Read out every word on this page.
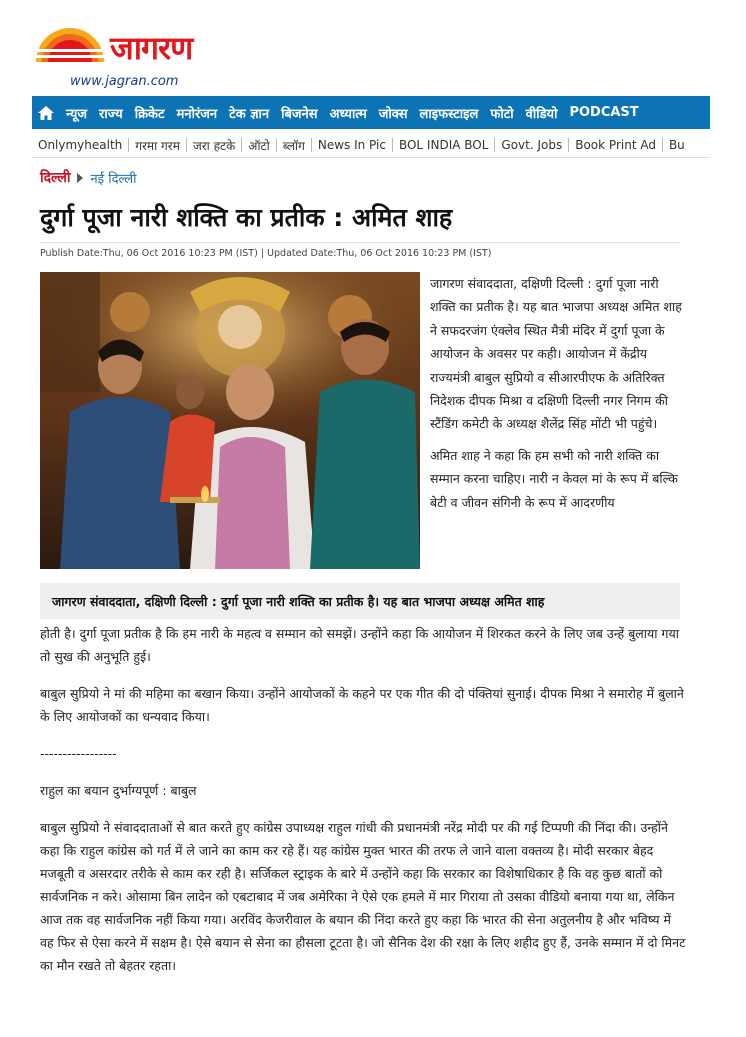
जागरण
www.jagran.com
न्यूज राज्य क्रिकेट मनोरंजन टेक ज्ञान बिजनेस अध्यात्म जोक्स लाइफस्टाइल फोटो वीडियो PODCAST
Onlymyhealth	गरमा गरम	जरा हटके	ऑटो	ब्लॉग	News In Pic	BOL INDIA BOL	Govt. Jobs	Book Print Ad	Bu
दिल्ली नई दिल्ली
दुर्गा पूजा नारी शक्ति का प्रतीक : अमित शाह
Publish Date:Thu, 06 Oct 2016 10:23 PM (IST) | Updated Date:Thu, 06 Oct 2016 10:23 PM (IST)

जागरण संवाददाता, दक्षिणी दिल्ली : दुर्गा पूजा नारी शक्ति का प्रतीक है। यह बात भाजपा अध्यक्ष अमित शाह ने सफदरजंग एंक्लेव स्थित मैत्री मंदिर में दुर्गा पूजा के आयोजन के अवसर पर कही। आयोजन में केंद्रीय राज्यमंत्री बाबुल सुप्रियो व सीआरपीएफ के अतिरिक्त निदेशक दीपक मिश्रा व दक्षिणी दिल्ली नगर निगम की स्टैंडिंग कमेटी के अध्यक्ष शैलेंद्र सिंह मोंटी भी पहुंचे।

अमित शाह ने कहा कि हम सभी को नारी शक्ति का सम्मान करना चाहिए। नारी न केवल मां के रूप में बल्कि बेटी व जीवन संगिनी के रूप में आदरणीय

जागरण संवाददाता, दक्षिणी दिल्ली : दुर्गा पूजा नारी शक्ति का प्रतीक है। यह बात भाजपा अध्यक्ष अमित शाह

होती है। दुर्गा पूजा प्रतीक है कि हम नारी के महत्व व सम्मान को समझें। उन्होंने कहा कि आयोजन में शिरकत करने के लिए जब उन्हें बुलाया गया तो सुख की अनुभूति हुई।

बाबुल सुप्रियो ने मां की महिमा का बखान किया। उन्होंने आयोजकों के कहने पर एक गीत की दो पंक्तियां सुनाई। दीपक मिश्रा ने समारोह में बुलाने के लिए आयोजकों का धन्यवाद किया।

-----------------

राहुल का बयान दुर्भाग्यपूर्ण : बाबुल

बाबुल सुप्रियो ने संवाददाताओं से बात करते हुए कांग्रेस उपाध्यक्ष राहुल गांधी की प्रधानमंत्री नरेंद्र मोदी पर की गई टिप्पणी की निंदा की। उन्होंने कहा कि राहुल कांग्रेस को गर्त में ले जाने का काम कर रहे हैं। यह कांग्रेस मुक्त भारत की तरफ ले जाने वाला वक्तव्य है। मोदी सरकार बेहद मजबूती व असरदार तरीके से काम कर रही है। सर्जिकल स्ट्राइक के बारे में उन्होंने कहा कि सरकार का विशेषाधिकार है कि वह कुछ बातों को सार्वजनिक न करे। ओसामा बिन लादेन को एबटाबाद में जब अमेरिका ने ऐसे एक हमले में मार गिराया तो उसका वीडियो बनाया गया था, लेकिन आज तक वह सार्वजनिक नहीं किया गया। अरविंद केजरीवाल के बयान की निंदा करते हुए कहा कि भारत की सेना अतुलनीय है और भविष्य में वह फिर से ऐसा करने में सक्षम है। ऐसे बयान से सेना का हौसला टूटता है। जो सैनिक देश की रक्षा के लिए शहीद हुए हैं, उनके सम्मान में दो मिनट का मौन रखते तो बेहतर रहता।
